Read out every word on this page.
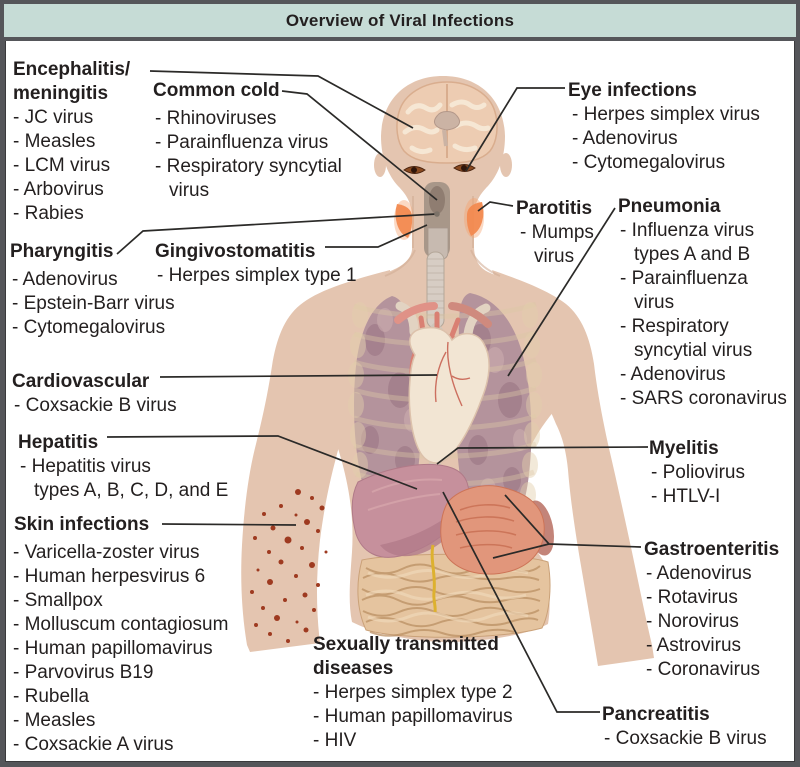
Overview of Viral Infections
Encephalitis/
meningitis
- JC virus
- Measles
- LCM virus
- Arbovirus
- Rabies
Common cold
- Rhinoviruses
- Parainfluenza virus
- Respiratory syncytial
virus
Pharyngitis
- Adenovirus
- Epstein-Barr virus
- Cytomegalovirus
Gingivostomatitis
- Herpes simplex type 1
Cardiovascular
- Coxsackie B virus
Hepatitis
- Hepatitis virus
types A, B, C, D, and E
Skin infections
- Varicella-zoster virus
- Human herpesvirus 6
- Smallpox
- Molluscum contagiosum
- Human papillomavirus
- Parvovirus B19
- Rubella
- Measles
- Coxsackie A virus
Sexually transmitted
diseases
- Herpes simplex type 2
- Human papillomavirus
- HIV
Eye infections
- Herpes simplex virus
- Adenovirus
- Cytomegalovirus
Parotitis
- Mumps
virus
Pneumonia
- Influenza virus
types A and B
- Parainfluenza
virus
- Respiratory
syncytial virus
- Adenovirus
- SARS coronavirus
Myelitis
- Poliovirus
- HTLV-I
Gastroenteritis
- Adenovirus
- Rotavirus
- Norovirus
- Astrovirus
- Coronavirus
Pancreatitis
- Coxsackie B virus
